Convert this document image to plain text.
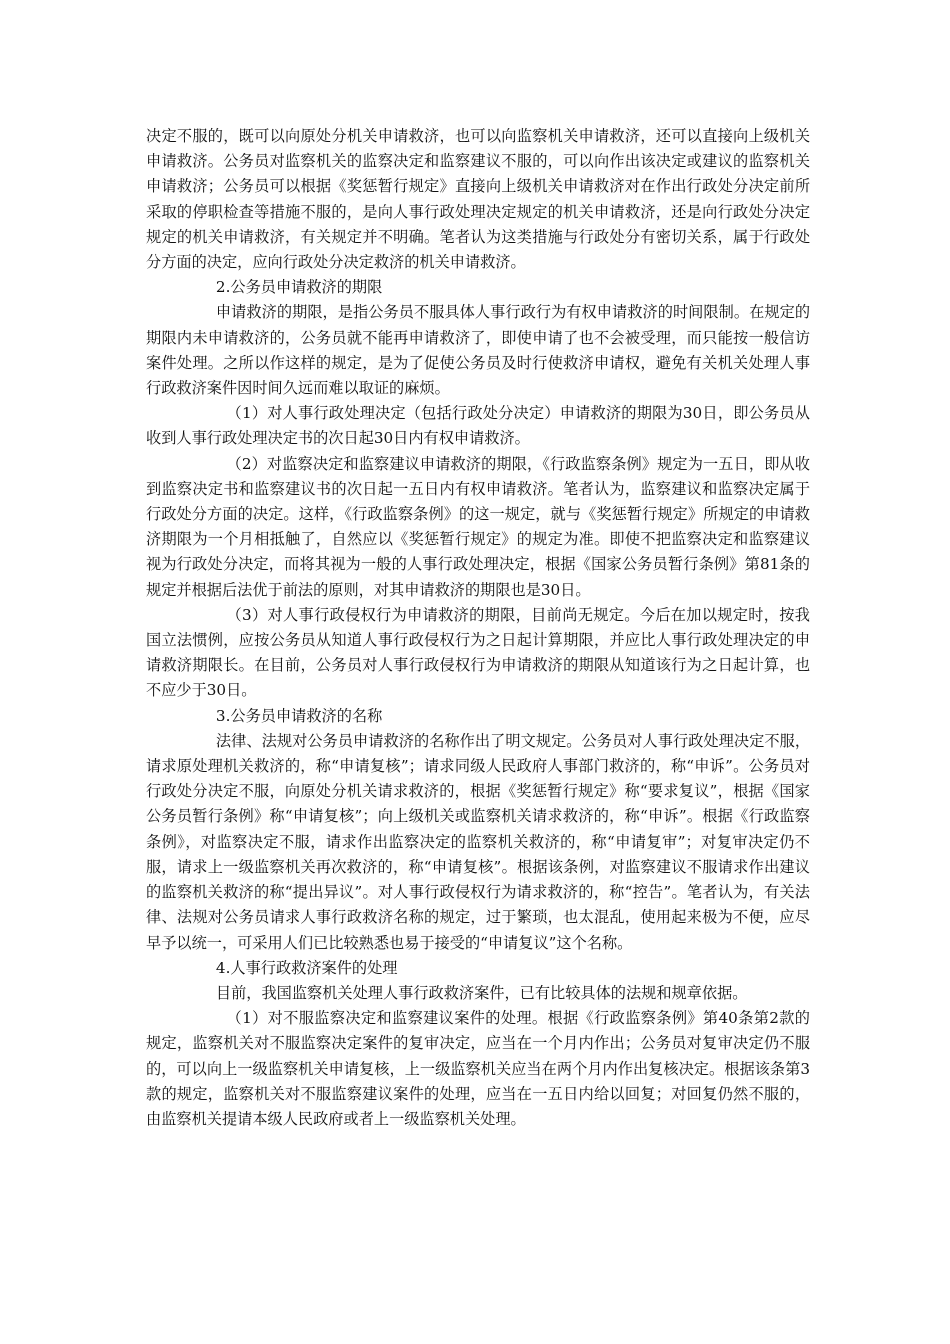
决定不服的，既可以向原处分机关申请救济，也可以向监察机关申请救济，还可以直接向上级机关申请救济。公务员对监察机关的监察决定和监察建议不服的，可以向作出该决定或建议的监察机关申请救济；公务员可以根据《奖惩暂行规定》直接向上级机关申请救济对在作出行政处分决定前所采取的停职检查等措施不服的，是向人事行政处理决定规定的机关申请救济，还是向行政处分决定规定的机关申请救济，有关规定并不明确。笔者认为这类措施与行政处分有密切关系，属于行政处分方面的决定，应向行政处分决定救济的机关申请救济。

2.公务员申请救济的期限

申请救济的期限，是指公务员不服具体人事行政行为有权申请救济的时间限制。在规定的期限内未申请救济的，公务员就不能再申请救济了，即使申请了也不会被受理，而只能按一般信访案件处理。之所以作这样的规定，是为了促使公务员及时行使救济申请权，避免有关机关处理人事行政救济案件因时间久远而难以取证的麻烦。

（1）对人事行政处理决定（包括行政处分决定）申请救济的期限为30日，即公务员从收到人事行政处理决定书的次日起30日内有权申请救济。

（2）对监察决定和监察建议申请救济的期限，《行政监察条例》规定为一五日，即从收到监察决定书和监察建议书的次日起一五日内有权申请救济。笔者认为，监察建议和监察决定属于行政处分方面的决定。这样，《行政监察条例》的这一规定，就与《奖惩暂行规定》所规定的申请救济期限为一个月相抵触了，自然应以《奖惩暂行规定》的规定为准。即使不把监察决定和监察建议视为行政处分决定，而将其视为一般的人事行政处理决定，根据《国家公务员暂行条例》第81条的规定并根据后法优于前法的原则，对其申请救济的期限也是30日。

（3）对人事行政侵权行为申请救济的期限，目前尚无规定。今后在加以规定时，按我国立法惯例，应按公务员从知道人事行政侵权行为之日起计算期限，并应比人事行政处理决定的申请救济期限长。在目前，公务员对人事行政侵权行为申请救济的期限从知道该行为之日起计算，也不应少于30日。

3.公务员申请救济的名称

法律、法规对公务员申请救济的名称作出了明文规定。公务员对人事行政处理决定不服，请求原处理机关救济的，称“申请复核”；请求同级人民政府人事部门救济的，称“申诉”。公务员对行政处分决定不服，向原处分机关请求救济的，根据《奖惩暂行规定》称“要求复议”，根据《国家公务员暂行条例》称“申请复核”；向上级机关或监察机关请求救济的，称“申诉”。根据《行政监察条例》，对监察决定不服，请求作出监察决定的监察机关救济的，称“申请复审”；对复审决定仍不服，请求上一级监察机关再次救济的，称“申请复核”。根据该条例，对监察建议不服请求作出建议的监察机关救济的称“提出异议”。对人事行政侵权行为请求救济的，称“控告”。笔者认为，有关法律、法规对公务员请求人事行政救济名称的规定，过于繁琐，也太混乱，使用起来极为不便，应尽早予以统一，可采用人们已比较熟悉也易于接受的“申请复议”这个名称。

4.人事行政救济案件的处理

目前，我国监察机关处理人事行政救济案件，已有比较具体的法规和规章依据。

（1）对不服监察决定和监察建议案件的处理。根据《行政监察条例》第40条第2款的规定，监察机关对不服监察决定案件的复审决定，应当在一个月内作出；公务员对复审决定仍不服的，可以向上一级监察机关申请复核，上一级监察机关应当在两个月内作出复核决定。根据该条第3款的规定，监察机关对不服监察建议案件的处理，应当在一五日内给以回复；对回复仍然不服的，由监察机关提请本级人民政府或者上一级监察机关处理。
